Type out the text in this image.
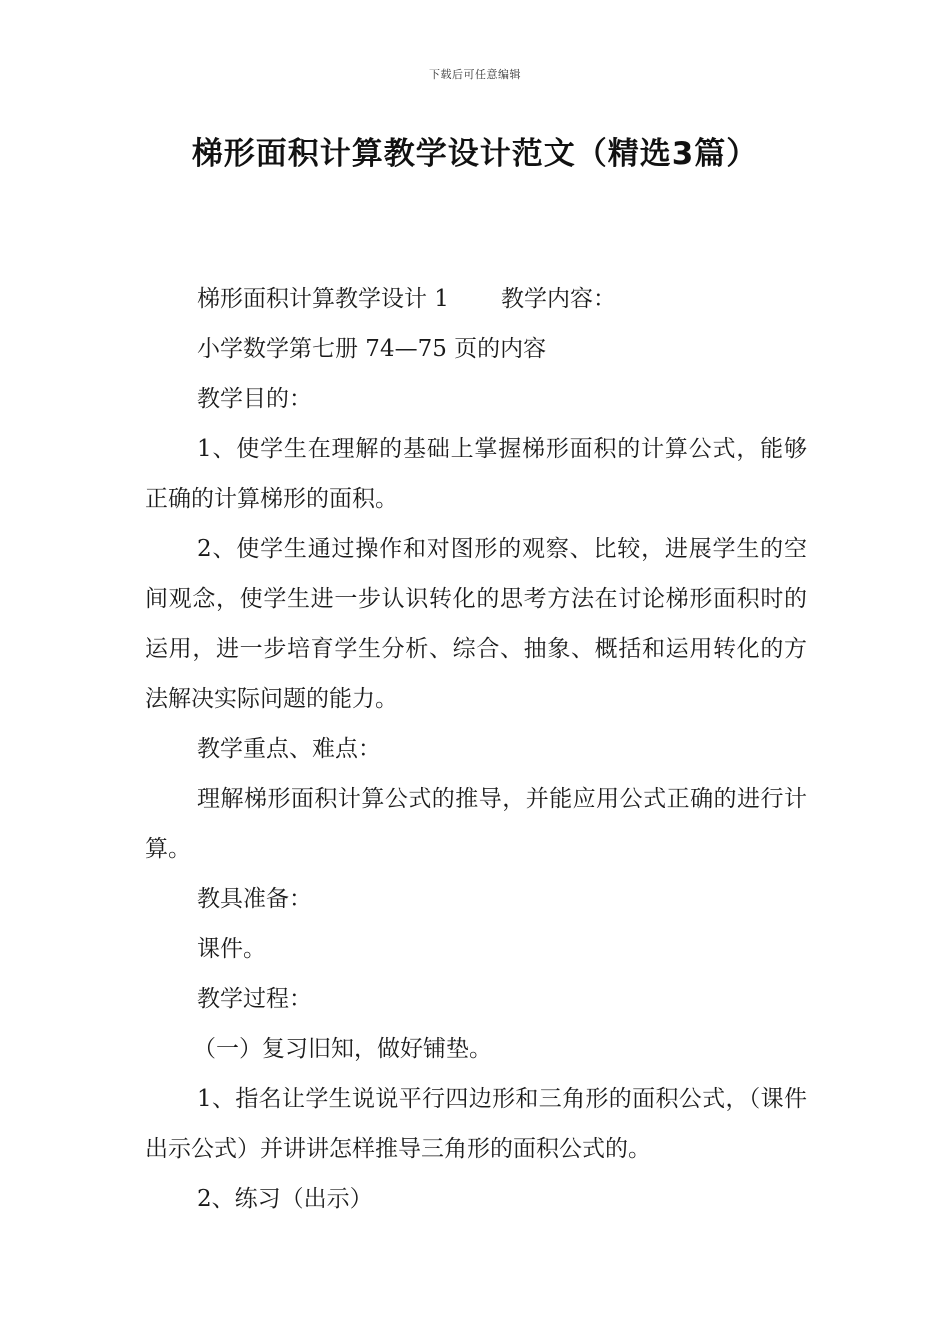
下载后可任意编辑
梯形面积计算教学设计范文（精选3篇）

梯形面积计算教学设计 1 教学内容：

小学数学第七册 74—75 页的内容

教学目的：

1、使学生在理解的基础上掌握梯形面积的计算公式，能够正确的计算梯形的面积。

2、使学生通过操作和对图形的观察、比较，进展学生的空间观念，使学生进一步认识转化的思考方法在讨论梯形面积时的运用，进一步培育学生分析、综合、抽象、概括和运用转化的方法解决实际问题的能力。

教学重点、难点：

理解梯形面积计算公式的推导，并能应用公式正确的进行计算。

教具准备：

课件。

教学过程：

（一）复习旧知，做好铺垫。

1、指名让学生说说平行四边形和三角形的面积公式，（课件出示公式）并讲讲怎样推导三角形的面积公式的。

2、练习（出示）
